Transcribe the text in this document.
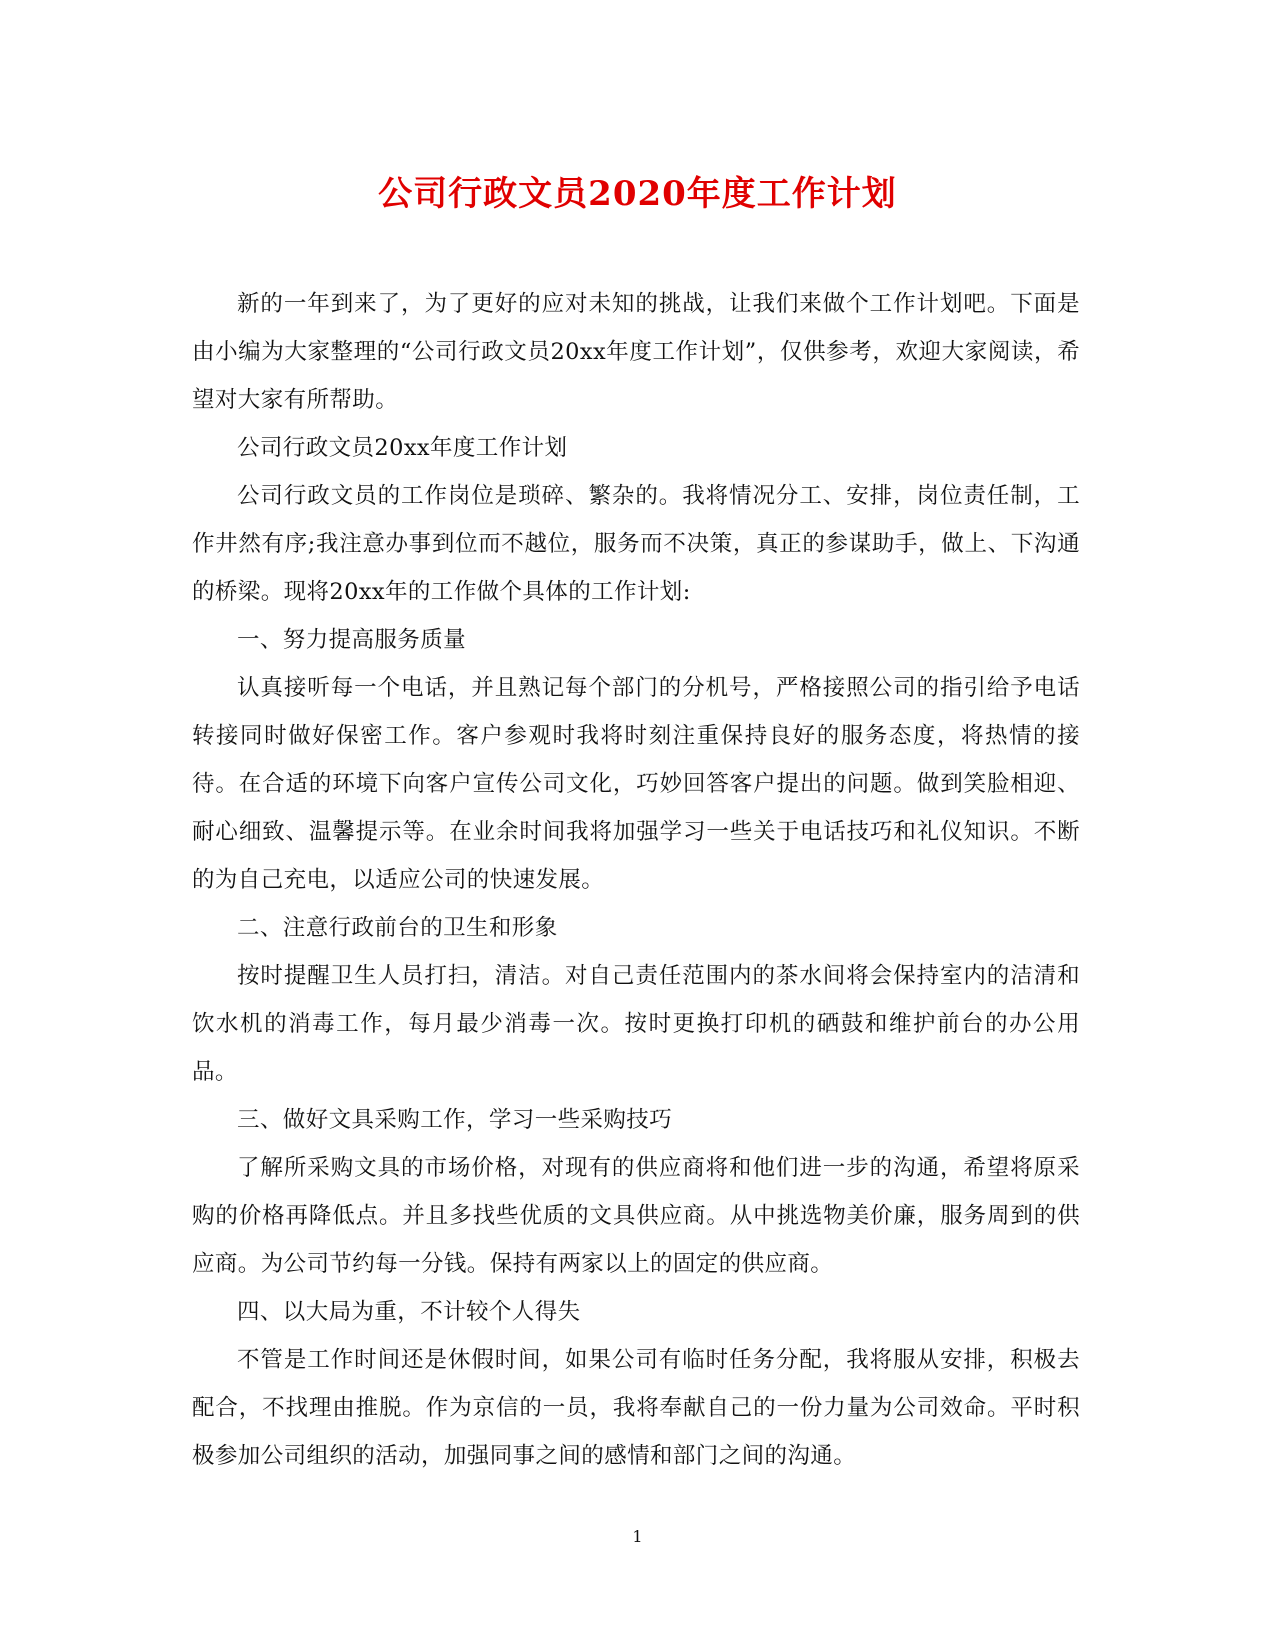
公司行政文员2020年度工作计划

新的一年到来了，为了更好的应对未知的挑战，让我们来做个工作计划吧。下面是由小编为大家整理的“公司行政文员20xx年度工作计划”，仅供参考，欢迎大家阅读，希望对大家有所帮助。

公司行政文员20xx年度工作计划

公司行政文员的工作岗位是琐碎、繁杂的。我将情况分工、安排，岗位责任制，工作井然有序;我注意办事到位而不越位，服务而不决策，真正的参谋助手，做上、下沟通的桥梁。现将20xx年的工作做个具体的工作计划:

一、努力提高服务质量

认真接听每一个电话，并且熟记每个部门的分机号，严格接照公司的指引给予电话转接同时做好保密工作。客户参观时我将时刻注重保持良好的服务态度，将热情的接待。在合适的环境下向客户宣传公司文化，巧妙回答客户提出的问题。做到笑脸相迎、耐心细致、温馨提示等。在业余时间我将加强学习一些关于电话技巧和礼仪知识。不断的为自己充电，以适应公司的快速发展。

二、注意行政前台的卫生和形象

按时提醒卫生人员打扫，清洁。对自己责任范围内的茶水间将会保持室内的洁清和饮水机的消毒工作，每月最少消毒一次。按时更换打印机的硒鼓和维护前台的办公用品。

三、做好文具采购工作，学习一些采购技巧

了解所采购文具的市场价格，对现有的供应商将和他们进一步的沟通，希望将原采购的价格再降低点。并且多找些优质的文具供应商。从中挑选物美价廉，服务周到的供应商。为公司节约每一分钱。保持有两家以上的固定的供应商。

四、以大局为重，不计较个人得失

不管是工作时间还是休假时间，如果公司有临时任务分配，我将服从安排，积极去配合，不找理由推脱。作为京信的一员，我将奉献自己的一份力量为公司效命。平时积极参加公司组织的活动，加强同事之间的感情和部门之间的沟通。

1
